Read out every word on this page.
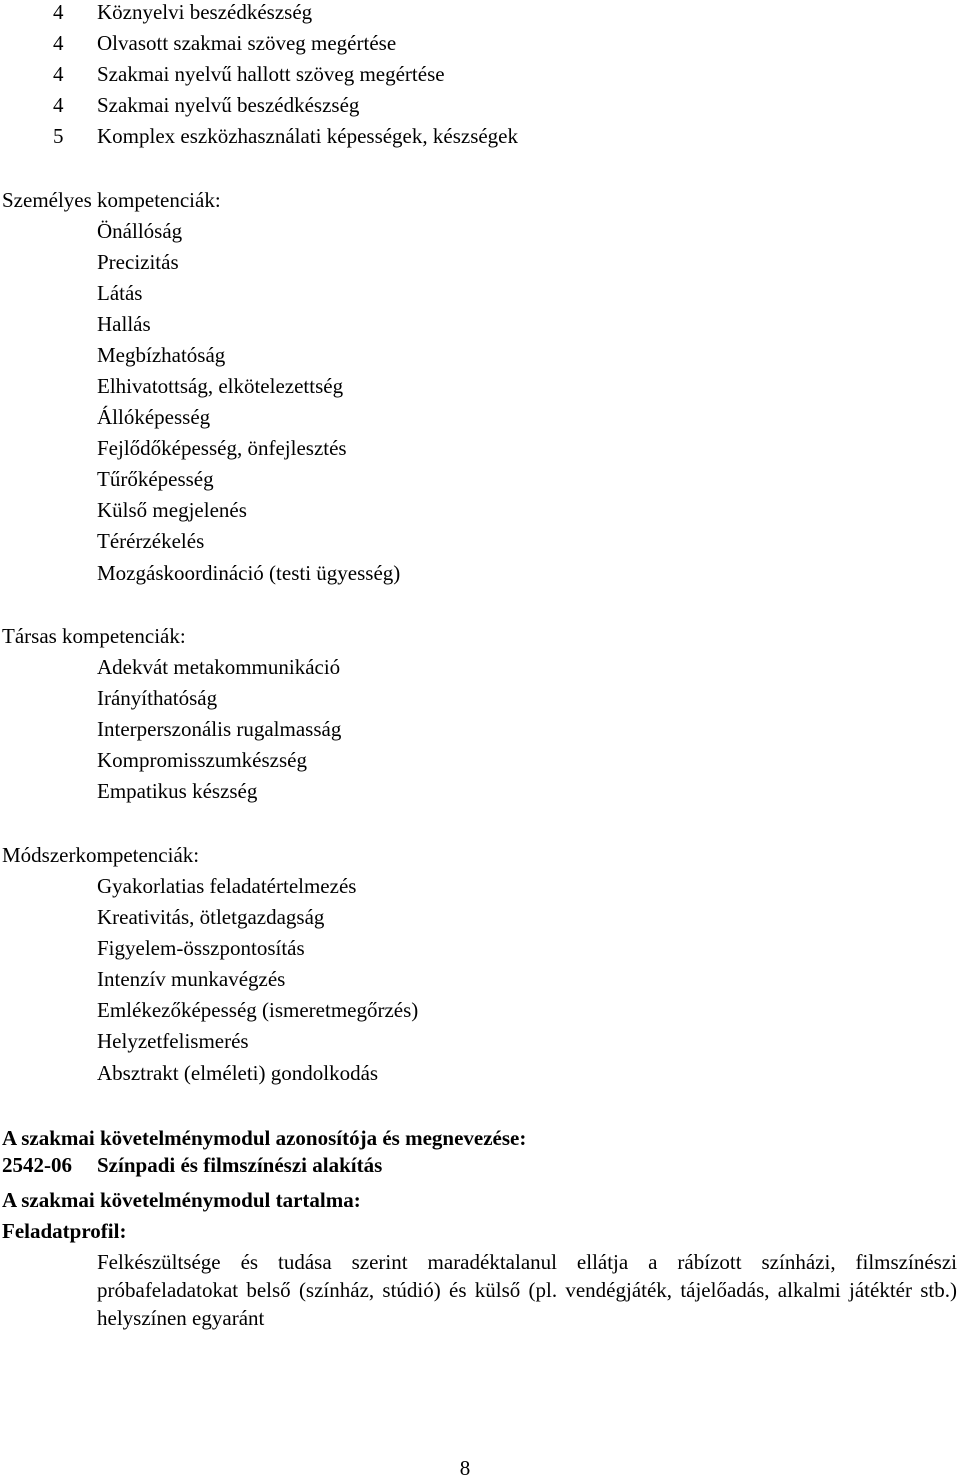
4 Köznyelvi beszédkészség
4 Olvasott szakmai szöveg megértése
4 Szakmai nyelvű hallott szöveg megértése
4 Szakmai nyelvű beszédkészség
5 Komplex eszközhasználati képességek, készségek
Személyes kompetenciák:
Önállóság
Precizitás
Látás
Hallás
Megbízhatóság
Elhivatottság, elkötelezettség
Állóképesség
Fejlődőképesség, önfejlesztés
Tűrőképesség
Külső megjelenés
Térérzékelés
Mozgáskoordináció (testi ügyesség)
Társas kompetenciák:
Adekvát metakommunikáció
Irányíthatóság
Interperszonális rugalmasság
Kompromisszumkészség
Empatikus készség
Módszerkompetenciák:
Gyakorlatias feladatértelmezés
Kreativitás, ötletgazdagság
Figyelem-összpontosítás
Intenzív munkavégzés
Emlékezőképesség (ismeretmegőrzés)
Helyzetfelismerés
Absztrakt (elméleti) gondolkodás
A szakmai követelménymodul azonosítója és megnevezése:
2542-06 Színpadi és filmszínészi alakítás
A szakmai követelménymodul tartalma:
Feladatprofil:
Felkészültsége és tudása szerint maradéktalanul ellátja a rábízott színházi, filmszínészi próbafeladatokat belső (színház, stúdió) és külső (pl. vendégjáték, tájelőadás, alkalmi játéktér stb.) helyszínen egyaránt
8
